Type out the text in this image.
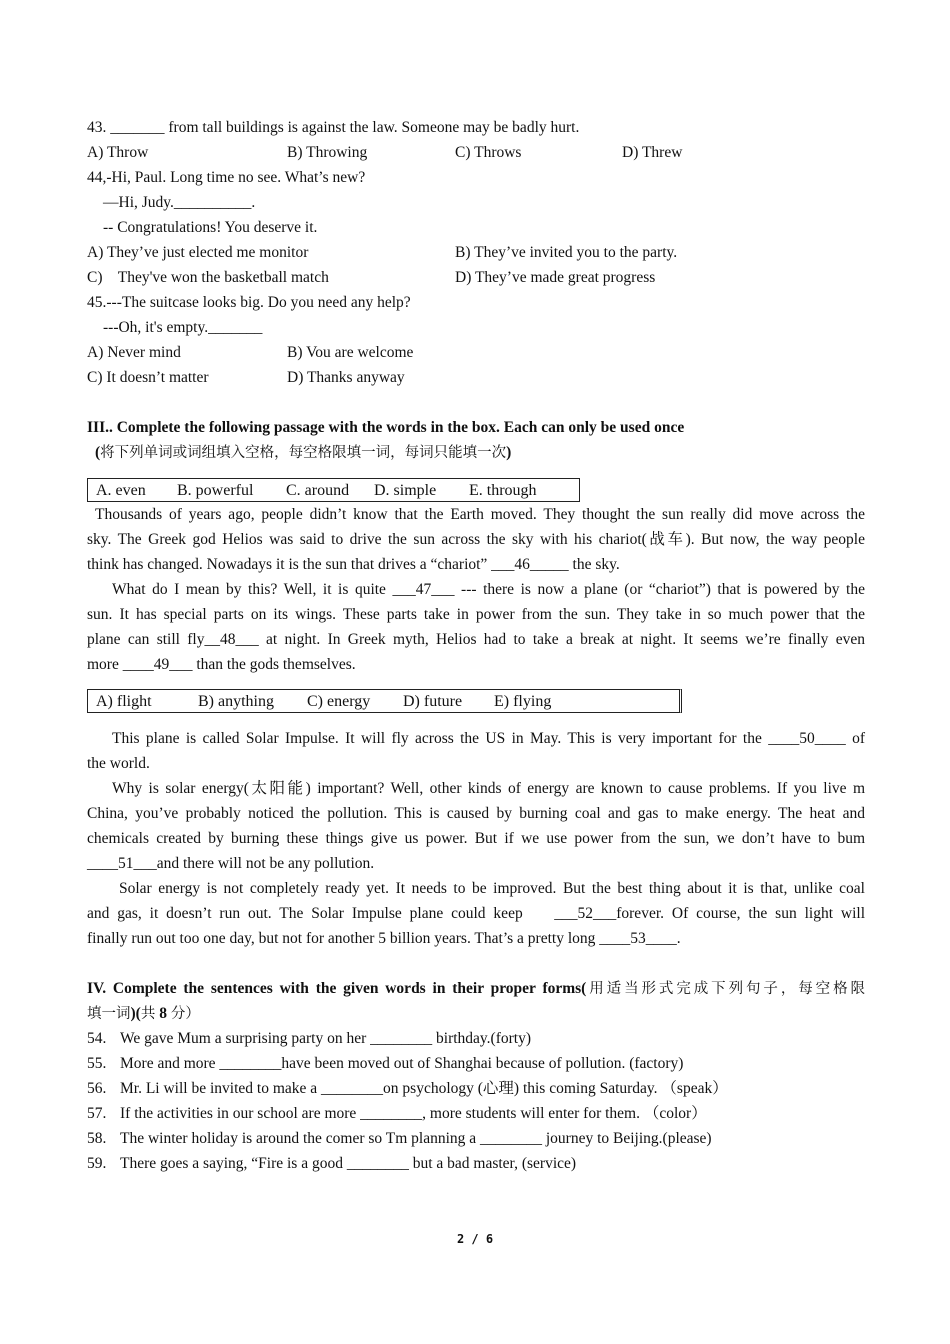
43. _______ from tall buildings is against the law. Someone may be badly hurt.
A) Throw	B) Throwing	C) Throws	D) Threw
44,-Hi, Paul. Long time no see. What’s new?
—Hi, Judy.__________.
-- Congratulations! You deserve it.
A) They’ve just elected me monitor	B) They’ve invited you to the party.
C)    They've won the basketball match	D) They’ve made great progress
45.---The suitcase looks big. Do you need any help?
---Oh, it's empty._______
A) Never mind	B) Vou are welcome
C) It doesn’t matter	D) Thanks anyway
III.. Complete the following passage with the words in the box. Each can only be used once
(将下列单词或词组填入空格，每空格限填一词，每词只能填一次)
A. even B. powerful C. around D. simple E. through
Thousands of years ago, people didn’t know that the Earth moved. They thought the sun really did move across the
sky. The Greek god Helios was said to drive the sun across the sky with his chariot(战车). But now, the way people
think has changed. Nowadays it is the sun that drives a “chariot” ___46_____ the sky.
What do I mean by this? Well, it is quite ___47___ --- there is now a plane (or “chariot”) that is powered by the
sun. It has special parts on its wings. These parts take in power from the sun. They take in so much power that the
plane can still fly__48___ at night. In Greek myth, Helios had to take a break at night. It seems we’re finally even
more ____49___ than the gods themselves.
A) flight	B) anything C) energy D) future E) flying
This plane is called Solar Impulse. It will fly across the US in May. This is very important for the ____50____ of
the world.
Why is solar energy(太阳能) important? Well, other kinds of energy are known to cause problems. If you live m
China, you’ve probably noticed the pollution. This is caused by burning coal and gas to make energy. The heat and
chemicals created by burning these things give us power. But if we use power from the sun, we don’t have to bum
____51___and there will not be any pollution.
Solar energy is not completely ready yet. It needs to be improved. But the best thing about it is that, unlike coal
and gas, it doesn’t run out. The Solar Impulse plane could keep    ___52___forever. Of course, the sun light will
finally run out too one day, but not for another 5 billion years. That’s a pretty long ____53____.
IV. Complete the sentences with the given words in their proper forms(用适当形式完成下列句子，每空格限
填一词)(共 8 分）
54. We gave Mum a surprising party on her ________ birthday.(forty)
55. More and more ________have been moved out of Shanghai because of pollution. (factory)
56. Mr. Li will be invited to make a ________on psychology (心理) this coming Saturday. （speak）
57. If the activities in our school are more ________, more students will enter for them. （color）
58. The winter holiday is around the comer so Tm planning a ________ journey to Beijing.(please)
59. There goes a saying, “Fire is a good ________ but a bad master, (service)
2 / 6
